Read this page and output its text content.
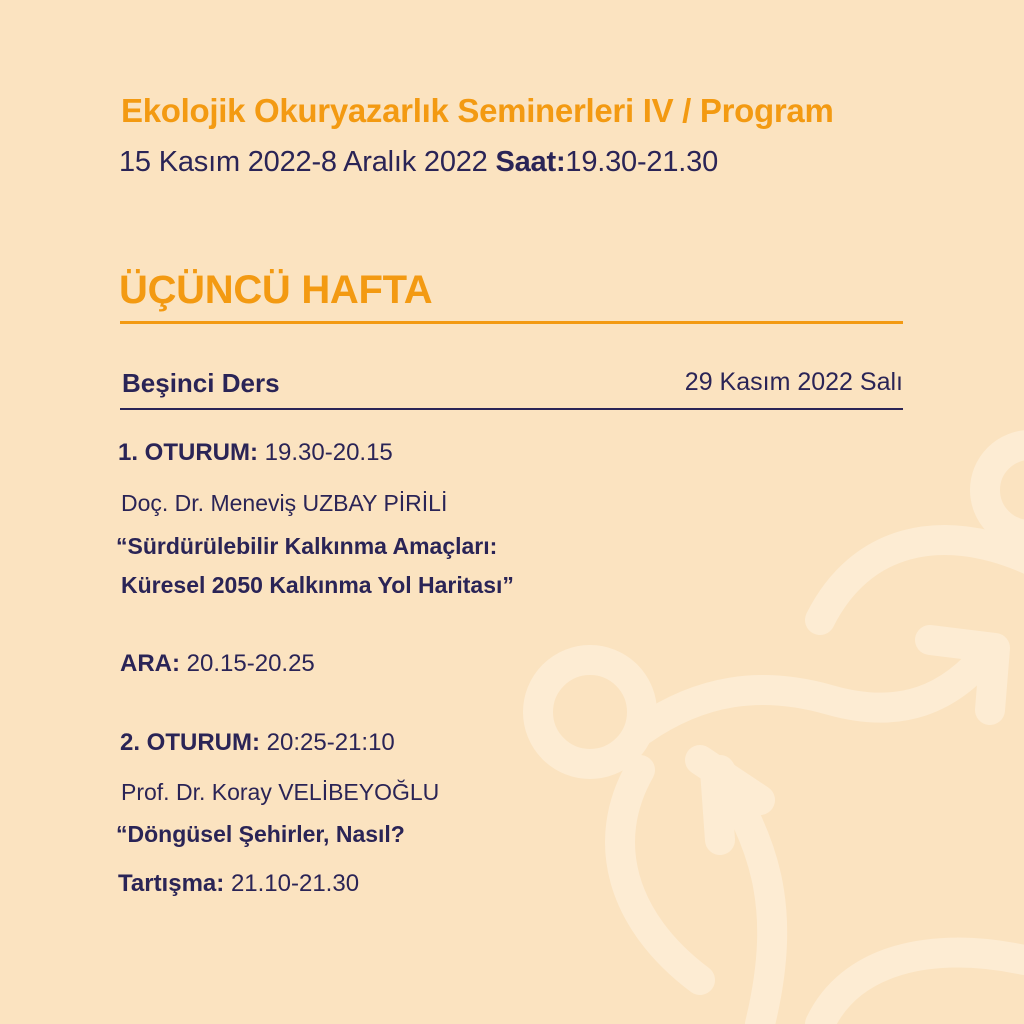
Ekolojik Okuryazarlık Seminerleri IV / Program
15 Kasım 2022-8 Aralık 2022 Saat:19.30-21.30
ÜÇÜNCÜ HAFTA
Beşinci Ders	29 Kasım 2022 Salı
1. OTURUM: 19.30-20.15
Doç. Dr. Meneviş UZBAY PİRİLİ
“Sürdürülebilir Kalkınma Amaçları:
Küresel 2050 Kalkınma Yol Haritası”
ARA: 20.15-20.25
2. OTURUM: 20:25-21:10
Prof. Dr. Koray VELİBEYOĞLU
“Döngüsel Şehirler, Nasıl?
Tartışma: 21.10-21.30
